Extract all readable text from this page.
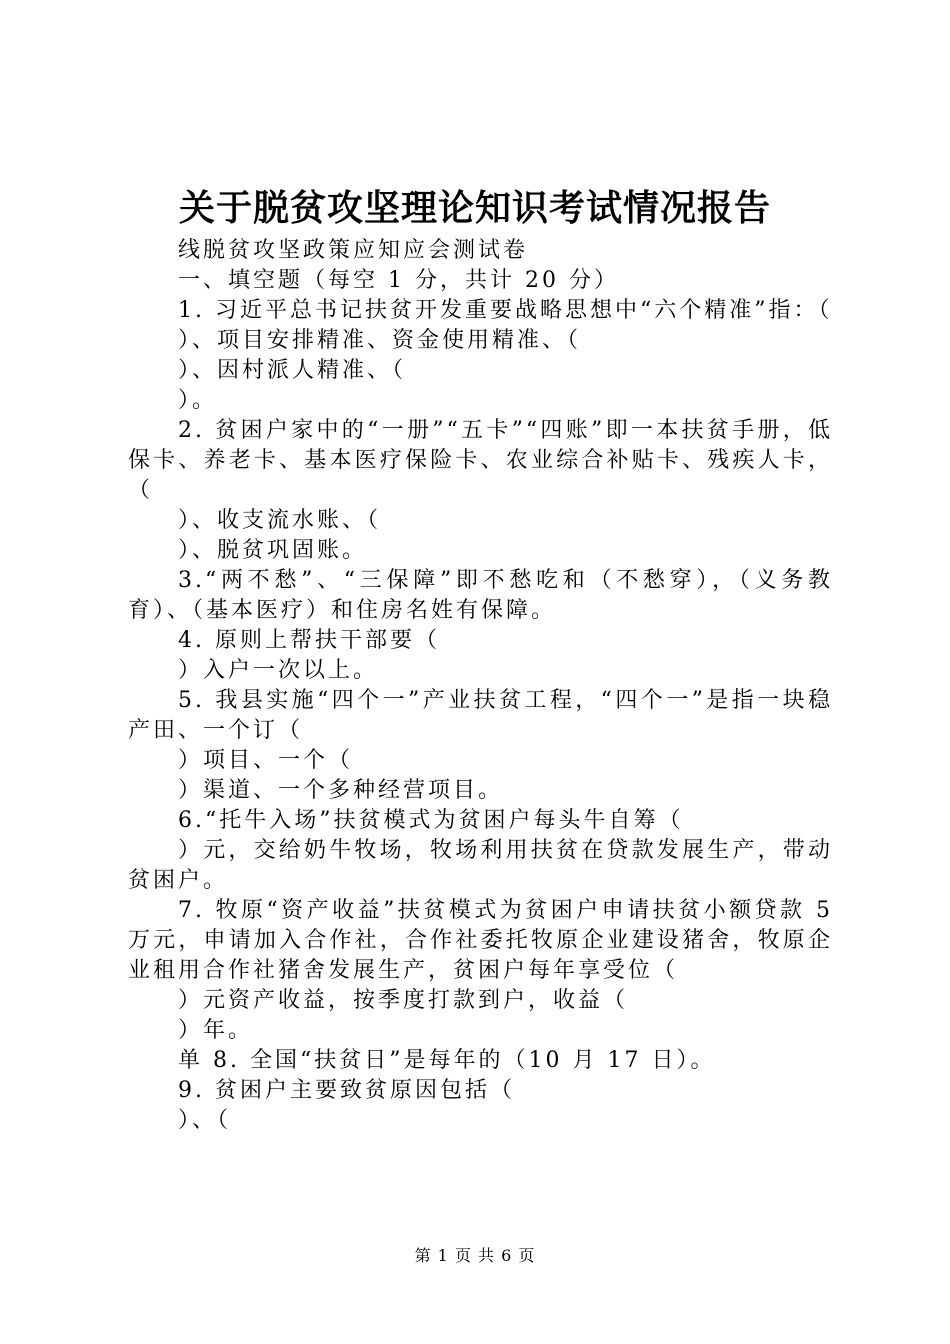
关于脱贫攻坚理论知识考试情况报告

线脱贫攻坚政策应知应会测试卷

一、填空题（每空 1 分，共计 20 分）

1. 习近平总书记扶贫开发重要战略思想中“六个精准”指：（

）、项目安排精准、资金使用精准、（

）、因村派人精准、（

）。

2. 贫困户家中的“一册”“五卡”“四账”即一本扶贫手册，低保卡、养老卡、基本医疗保险卡、农业综合补贴卡、残疾人卡，（

）、收支流水账、（

）、脱贫巩固账。

3.“两不愁”、“三保障”即不愁吃和（不愁穿），（义务教育）、（基本医疗）和住房名姓有保障。

4. 原则上帮扶干部要（

）入户一次以上。

5. 我县实施“四个一”产业扶贫工程，“四个一”是指一块稳产田、一个订（

）项目、一个（

）渠道、一个多种经营项目。

6.“托牛入场”扶贫模式为贫困户每头牛自筹（

）元，交给奶牛牧场，牧场利用扶贫在贷款发展生产，带动贫困户。

7. 牧原“资产收益”扶贫模式为贫困户申请扶贫小额贷款 5 万元，申请加入合作社，合作社委托牧原企业建设猪舍，牧原企业租用合作社猪舍发展生产，贫困户每年享受位（

）元资产收益，按季度打款到户，收益（

）年。

单 8. 全国“扶贫日”是每年的（10 月 17 日）。

9. 贫困户主要致贫原因包括（

）、（

第 1 页 共 6 页
